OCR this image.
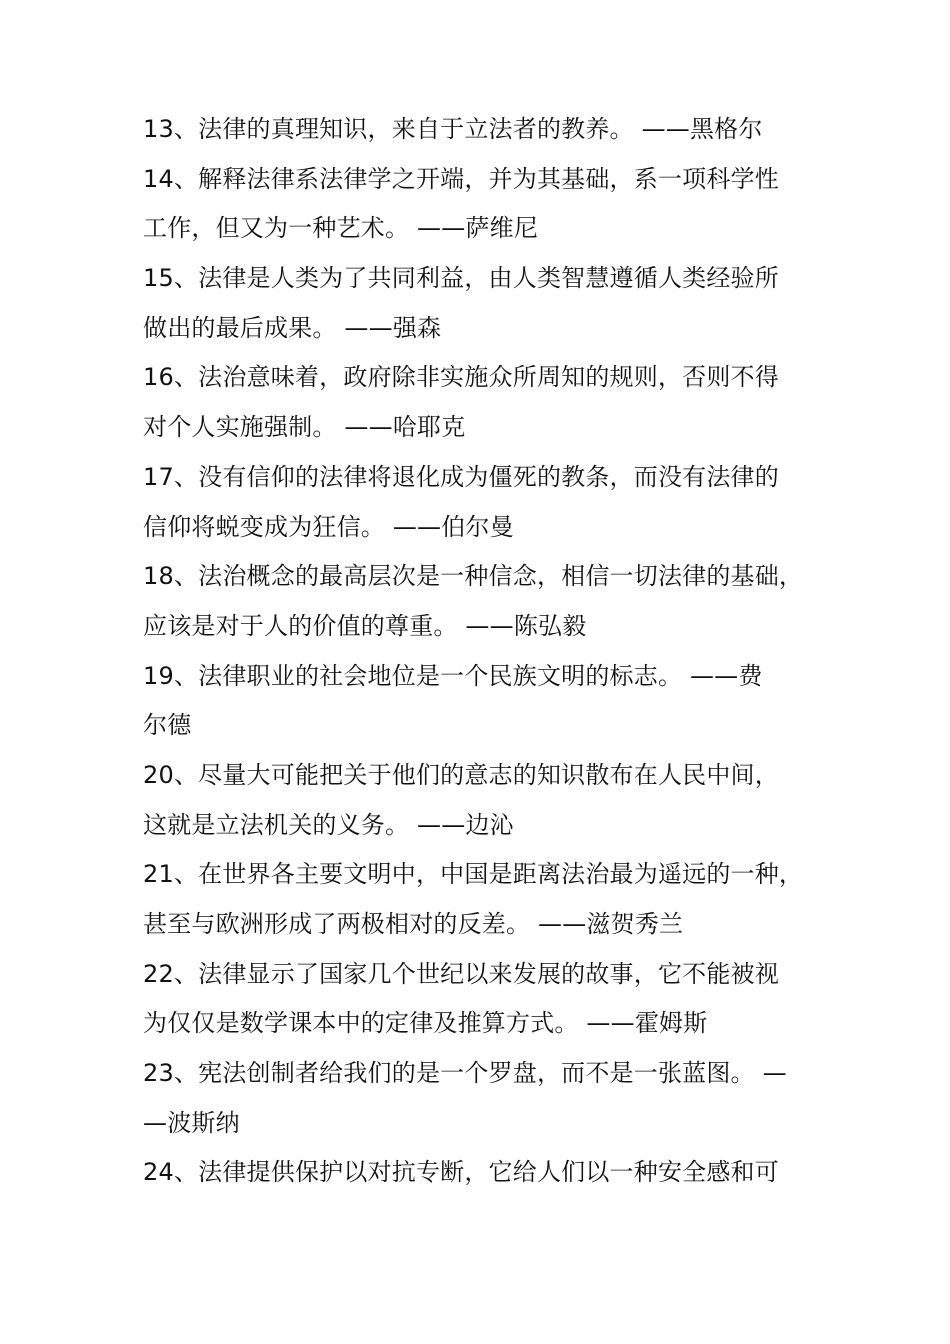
13、法律的真理知识，来自于立法者的教养。 ——黑格尔
14、解释法律系法律学之开端，并为其基础，系一项科学性
工作，但又为一种艺术。 ——萨维尼
15、法律是人类为了共同利益，由人类智慧遵循人类经验所
做出的最后成果。 ——强森
16、法治意味着，政府除非实施众所周知的规则，否则不得
对个人实施强制。 ——哈耶克
17、没有信仰的法律将退化成为僵死的教条，而没有法律的
信仰将蜕变成为狂信。 ——伯尔曼
18、法治概念的最高层次是一种信念，相信一切法律的基础，
应该是对于人的价值的尊重。 ——陈弘毅
19、法律职业的社会地位是一个民族文明的标志。 ——费
尔德
20、尽量大可能把关于他们的意志的知识散布在人民中间，
这就是立法机关的义务。 ——边沁
21、在世界各主要文明中，中国是距离法治最为遥远的一种，
甚至与欧洲形成了两极相对的反差。 ——滋贺秀兰
22、法律显示了国家几个世纪以来发展的故事，它不能被视
为仅仅是数学课本中的定律及推算方式。 ——霍姆斯
23、宪法创制者给我们的是一个罗盘，而不是一张蓝图。 —
—波斯纳
24、法律提供保护以对抗专断，它给人们以一种安全感和可
